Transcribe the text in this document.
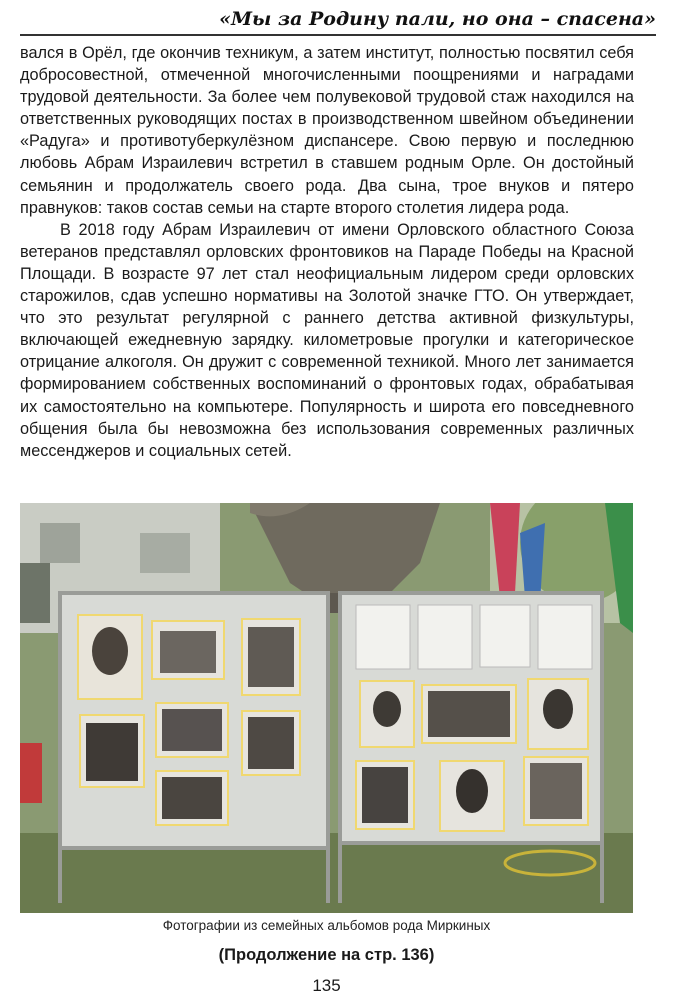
«Мы за Родину пали, но она – спасена»

вался в Орёл, где окончив техникум, а затем институт, полностью посвятил себя добросовестной, отмеченной многочисленными поощрениями и наградами трудовой деятельности. За более чем полувековой трудовой стаж находился на ответственных руководящих постах в производственном швейном объединении «Радуга» и противотуберкулёзном диспансере. Свою первую и последнюю любовь Абрам Израилевич встретил в ставшем родным Орле. Он достойный семьянин и продолжатель своего рода. Два сына, трое внуков и пятеро правнуков: таков состав семьи на старте второго столетия лидера рода.

В 2018 году Абрам Израилевич от имени Орловского областного Союза ветеранов представлял орловских фронтовиков на Параде Победы на Красной Площади. В возрасте 97 лет стал неофициальным лидером среди орловских старожилов, сдав успешно нормативы на Золотой значке ГТО. Он утверждает, что это результат регулярной с раннего детства активной физкультуры, включающей ежедневную зарядку. километровые прогулки и категорическое отрицание алкоголя. Он дружит с современной техникой. Много лет занимается формированием собственных воспоминаний о фронтовых годах, обрабатывая их самостоятельно на компьютере. Популярность и широта его повседневного общения была бы невозможна без использования современных различных мессенджеров и социальных сетей.

Фотографии из семейных альбомов рода Миркиных
(Продолжение на стр. 136)
135
